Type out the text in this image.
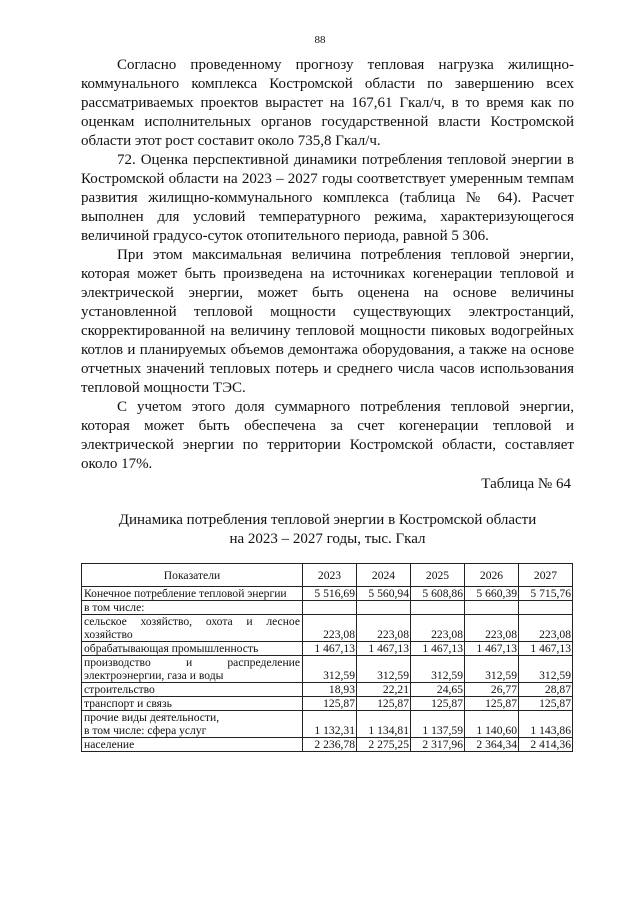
88

Согласно проведенному прогнозу тепловая нагрузка жилищно-коммунального комплекса Костромской области по завершению всех рассматриваемых проектов вырастет на 167,61 Гкал/ч, в то время как по оценкам исполнительных органов государственной власти Костромской области этот рост составит около 735,8 Гкал/ч.

72. Оценка перспективной динамики потребления тепловой энергии в Костромской области на 2023 – 2027 годы соответствует умеренным темпам развития жилищно-коммунального комплекса (таблица № 64). Расчет выполнен для условий температурного режима, характеризующегося величиной градусо-суток отопительного периода, равной 5 306.

При этом максимальная величина потребления тепловой энергии, которая может быть произведена на источниках когенерации тепловой и электрической энергии, может быть оценена на основе величины установленной тепловой мощности существующих электростанций, скорректированной на величину тепловой мощности пиковых водогрейных котлов и планируемых объемов демонтажа оборудования, а также на основе отчетных значений тепловых потерь и среднего числа часов использования тепловой мощности ТЭС.

С учетом этого доля суммарного потребления тепловой энергии, которая может быть обеспечена за счет когенерации тепловой и электрической энергии по территории Костромской области, составляет около 17%.

Таблица № 64
Динамика потребления тепловой энергии в Костромской области
на 2023 – 2027 годы, тыс. Гкал
Показатели	2023	2024	2025	2026	2027
Конечное потребление тепловой энергии	5 516,69	5 560,94	5 608,86	5 660,39	5 715,76
в том числе:					
сельское хозяйство, охота и лесное хозяйство	223,08	223,08	223,08	223,08	223,08
обрабатывающая промышленность	1 467,13	1 467,13	1 467,13	1 467,13	1 467,13
производство и распределение электроэнергии, газа и воды	312,59	312,59	312,59	312,59	312,59
строительство	18,93	22,21	24,65	26,77	28,87
транспорт и связь	125,87	125,87	125,87	125,87	125,87

прочие виды деятельности,
в том числе: сфера услуг	1 132,31	1 134,81	1 137,59	1 140,60	1 143,86
население	2 236,78	2 275,25	2 317,96	2 364,34	2 414,36
